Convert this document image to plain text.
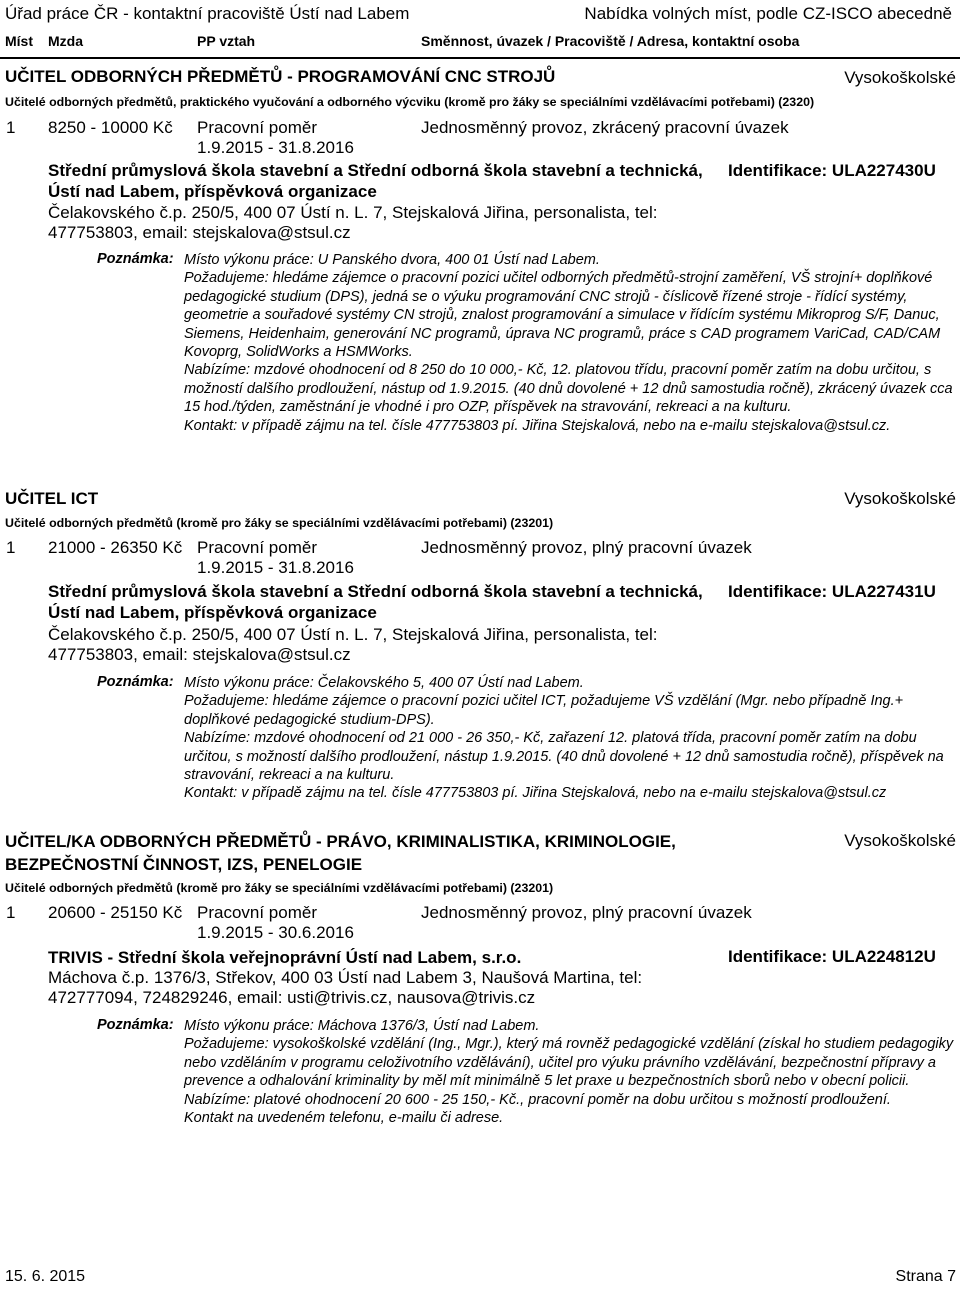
Úřad práce ČR - kontaktní pracoviště Ústí nad Labem	Nabídka volných míst, podle CZ-ISCO abecedně
Míst Mzda	PP vztah	Směnnost, úvazek / Pracoviště / Adresa, kontaktní osoba
UČITEL ODBORNÝCH PŘEDMĚTŮ - PROGRAMOVÁNÍ CNC STROJŮ	Vysokoškolské
Učitelé odborných předmětů, praktického vyučování a odborného výcviku (kromě pro žáky se speciálními vzdělávacími potřebami) (2320)
1 8250 - 10000 Kč Pracovní poměr	Jednosměnný provoz, zkrácený pracovní úvazek
1.9.2015 - 31.8.2016
Střední průmyslová škola stavební a Střední odborná škola stavební a technická, Ústí nad Labem, příspěvková organizace
Identifikace: ULA227430U
Čelakovského č.p. 250/5, 400 07 Ústí n. L. 7, Stejskalová Jiřina, personalista, tel: 477753803, email: stejskalova@stsul.cz
Poznámka: Místo výkonu práce: U Panského dvora, 400 01 Ústí nad Labem.

Požadujeme: hledáme zájemce o pracovní pozici učitel odborných předmětů-strojní zaměření, VŠ strojní+ doplňkové pedagogické studium (DPS), jedná se o výuku programování CNC strojů - číslicově řízené stroje - řídící systémy, geometrie a souřadové systémy CN strojů, znalost programování a simulace v řídícím systému Mikroprog S/F, Danuc, Siemens, Heidenhaim, generování NC programů, úprava NC programů, práce s CAD programem VariCad, CAD/CAM Kovoprg, SolidWorks a HSMWorks.

Nabízíme: mzdové ohodnocení od 8 250 do 10 000,- Kč, 12. platovou třídu, pracovní poměr zatím na dobu určitou, s možností dalšího prodloužení, nástup od 1.9.2015. (40 dnů dovolené + 12 dnů samostudia ročně), zkrácený úvazek cca 15 hod./týden, zaměstnání je vhodné i pro OZP, příspěvek na stravování, rekreaci a na kulturu.

Kontakt: v případě zájmu na tel. čísle 477753803 pí. Jiřina Stejskalová, nebo na e-mailu stejskalova@stsul.cz.

UČITEL ICT	Vysokoškolské
Učitelé odborných předmětů (kromě pro žáky se speciálními vzdělávacími potřebami) (23201)
1 21000 - 26350 Kč Pracovní poměr	Jednosměnný provoz, plný pracovní úvazek
1.9.2015 - 31.8.2016
Střední průmyslová škola stavební a Střední odborná škola stavební a technická, Ústí nad Labem, příspěvková organizace
Identifikace: ULA227431U
Čelakovského č.p. 250/5, 400 07 Ústí n. L. 7, Stejskalová Jiřina, personalista, tel: 477753803, email: stejskalova@stsul.cz
Poznámka: Místo výkonu práce: Čelakovského 5, 400 07 Ústí nad Labem.

Požadujeme: hledáme zájemce o pracovní pozici učitel ICT, požadujeme VŠ vzdělání (Mgr. nebo případně Ing.+ doplňkové pedagogické studium-DPS).

Nabízíme: mzdové ohodnocení od 21 000 - 26 350,- Kč, zařazení 12. platová třída, pracovní poměr zatím na dobu určitou, s možností dalšího prodloužení, nástup 1.9.2015. (40 dnů dovolené + 12 dnů samostudia ročně), příspěvek na stravování, rekreaci a na kulturu.

Kontakt: v případě zájmu na tel. čísle 477753803 pí. Jiřina Stejskalová, nebo na e-mailu stejskalova@stsul.cz

UČITEL/KA ODBORNÝCH PŘEDMĚTŮ - PRÁVO, KRIMINALISTIKA, KRIMINOLOGIE, BEZPEČNOSTNÍ ČINNOST, IZS, PENELOGIE
Vysokoškolské
Učitelé odborných předmětů (kromě pro žáky se speciálními vzdělávacími potřebami) (23201)
1 20600 - 25150 Kč Pracovní poměr	Jednosměnný provoz, plný pracovní úvazek
1.9.2015 - 30.6.2016
TRIVIS - Střední škola veřejnoprávní Ústí nad Labem, s.r.o.	Identifikace: ULA224812U
Máchova č.p. 1376/3, Střekov, 400 03 Ústí nad Labem 3, Naušová Martina, tel: 472777094, 724829246, email: usti@trivis.cz, nausova@trivis.cz
Poznámka: Místo výkonu práce: Máchova 1376/3, Ústí nad Labem.

Požadujeme: vysokoškolské vzdělání (Ing., Mgr.), který má rovněž pedagogické vzdělání (získal ho studiem pedagogiky nebo vzděláním v programu celoživotního vzdělávání), učitel pro výuku právního vzdělávání, bezpečnostní přípravy a prevence a odhalování kriminality by měl mít minimálně 5 let praxe u bezpečnostních sborů nebo v obecní policii.

Nabízíme: platové ohodnocení 20 600 - 25 150,- Kč., pracovní poměr na dobu určitou s možností prodloužení.

Kontakt na uvedeném telefonu, e-mailu či adrese.

15. 6. 2015	Strana 7
